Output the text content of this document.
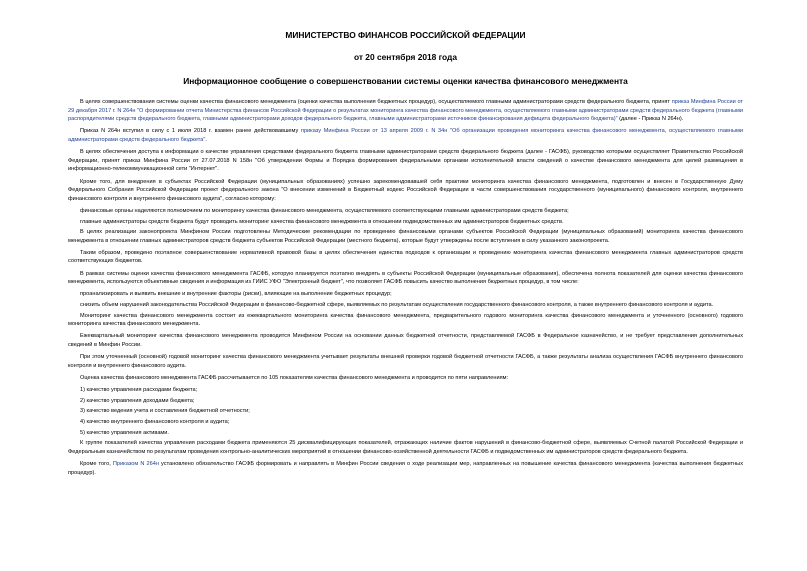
МИНИСТЕРСТВО ФИНАНСОВ РОССИЙСКОЙ ФЕДЕРАЦИИ
от 20 сентября 2018 года
Информационное сообщение о совершенствовании системы оценки качества финансового менеджмента

В целях совершенствования системы оценки качества финансового менеджмента (оценки качества выполнения бюджетных процедур), осуществляемого главными администраторами средств федерального бюджета, принят приказ Минфина России от 29 декабря 2017 г. N 264н "О формировании отчета Министерства финансов Российской Федерации о результатах мониторинга качества финансового менеджмента, осуществляемого главными администраторами средств федерального бюджета (главными распорядителями средств федерального бюджета, главными администраторами доходов федерального бюджета, главными администраторами источников финансирования дефицита федерального бюджета)" (далее - Приказ N 264н).

Приказ N 264н вступил в силу с 1 июля 2018 г. взамен ранее действовавшему приказу Минфина России от 13 апреля 2009 г. N 34н "Об организации проведения мониторинга качества финансового менеджмента, осуществляемого главными администраторами средств федерального бюджета".

В целях обеспечения доступа к информации о качестве управления средствами федерального бюджета главными администраторами средств федерального бюджета (далее - ГАСФБ), руководство которыми осуществляет Правительство Российской Федерации, принят приказ Минфина России от 27.07.2018 N 158н "Об утверждении Формы и Порядка формирования федеральными органами исполнительной власти сведений о качестве финансового менеджмента для целей размещения в информационно-телекоммуникационной сети "Интернет".

Кроме того, для внедрения в субъектах Российской Федерации (муниципальных образованиях) успешно зарекомендовавшей себя практики мониторинга качества финансового менеджмента, подготовлен и внесен в Государственную Думу Федерального Собрания Российской Федерации проект федерального закона "О внесении изменений в Бюджетный кодекс Российской Федерации в части совершенствования государственного (муниципального) финансового контроля, внутреннего финансового контроля и внутреннего финансового аудита", согласно которому:

финансовые органы наделяются полномочием по мониторингу качества финансового менеджмента, осуществляемого соответствующими главными администраторами средств бюджета;

главные администраторы средств бюджета будут проводить мониторинг качества финансового менеджмента в отношении подведомственных им администраторов бюджетных средств.

В целях реализации законопроекта Минфином России подготовлены Методические рекомендации по проведению финансовыми органами субъектов Российской Федерации (муниципальных образований) мониторинга качества финансового менеджмента в отношении главных администраторов средств бюджета субъектов Российской Федерации (местного бюджета), которые будут утверждены после вступления в силу указанного законопроекта.

Таким образом, проведено поэтапное совершенствование нормативной правовой базы в целях обеспечения единства подходов к организации и проведению мониторинга качества финансового менеджмента главных администраторов средств соответствующих бюджетов.

В рамках системы оценки качества финансового менеджмента ГАСФБ, которую планируется поэтапно внедрять в субъекты Российской Федерации (муниципальные образования), обеспечена полнота показателей для оценки качества финансового менеджмента, используются объективные сведения и информация из ГИИС УФО "Электронный бюджет", что позволяет ГАСФБ повысить качество выполнения бюджетных процедур, в том числе:

проанализировать и выявить внешние и внутренние факторы (риски), влияющие на выполнение бюджетных процедур;

снизить объем нарушений законодательства Российской Федерации в финансово-бюджетной сфере, выявляемых по результатам осуществления государственного финансового контроля, а также внутреннего финансового контроля и аудита.

Мониторинг качества финансового менеджмента состоит из ежеквартального мониторинга качества финансового менеджмента, предварительного годового мониторинга качества финансового менеджмента и уточненного (основного) годового мониторинга качества финансового менеджмента.

Ежеквартальный мониторинг качества финансового менеджмента проводится Минфином России на основании данных бюджетной отчетности, представляемой ГАСФБ в Федеральное казначейство, и не требует представления дополнительных сведений в Минфин России.

При этом уточненный (основной) годовой мониторинг качества финансового менеджмента учитывает результаты внешней проверки годовой бюджетной отчетности ГАСФБ, а также результаты анализа осуществления ГАСФБ внутреннего финансового контроля и внутреннего финансового аудита.

Оценка качества финансового менеджмента ГАСФБ рассчитывается по 105 показателям качества финансового менеджмента и проводится по пяти направлениям:

1) качество управления расходами бюджета;

2) качество управления доходами бюджета;

3) качество ведения учета и составления бюджетной отчетности;

4) качество внутреннего финансового контроля и аудита;

5) качество управления активами.

К группе показателей качества управления расходами бюджета применяются 25 дисквалифицирующих показателей, отражающих наличие фактов нарушений в финансово-бюджетной сфере, выявляемых Счетной палатой Российской Федерации и Федеральным казначейством по результатам проведения контрольно-аналитических мероприятий в отношении финансово-хозяйственной деятельности ГАСФБ и подведомственных им администраторов средств федерального бюджета.

Кроме того, Приказом N 264н установлено обязательство ГАСФБ формировать и направлять в Минфин России сведения о ходе реализации мер, направленных на повышение качества финансового менеджмента (качества выполнения бюджетных процедур).
